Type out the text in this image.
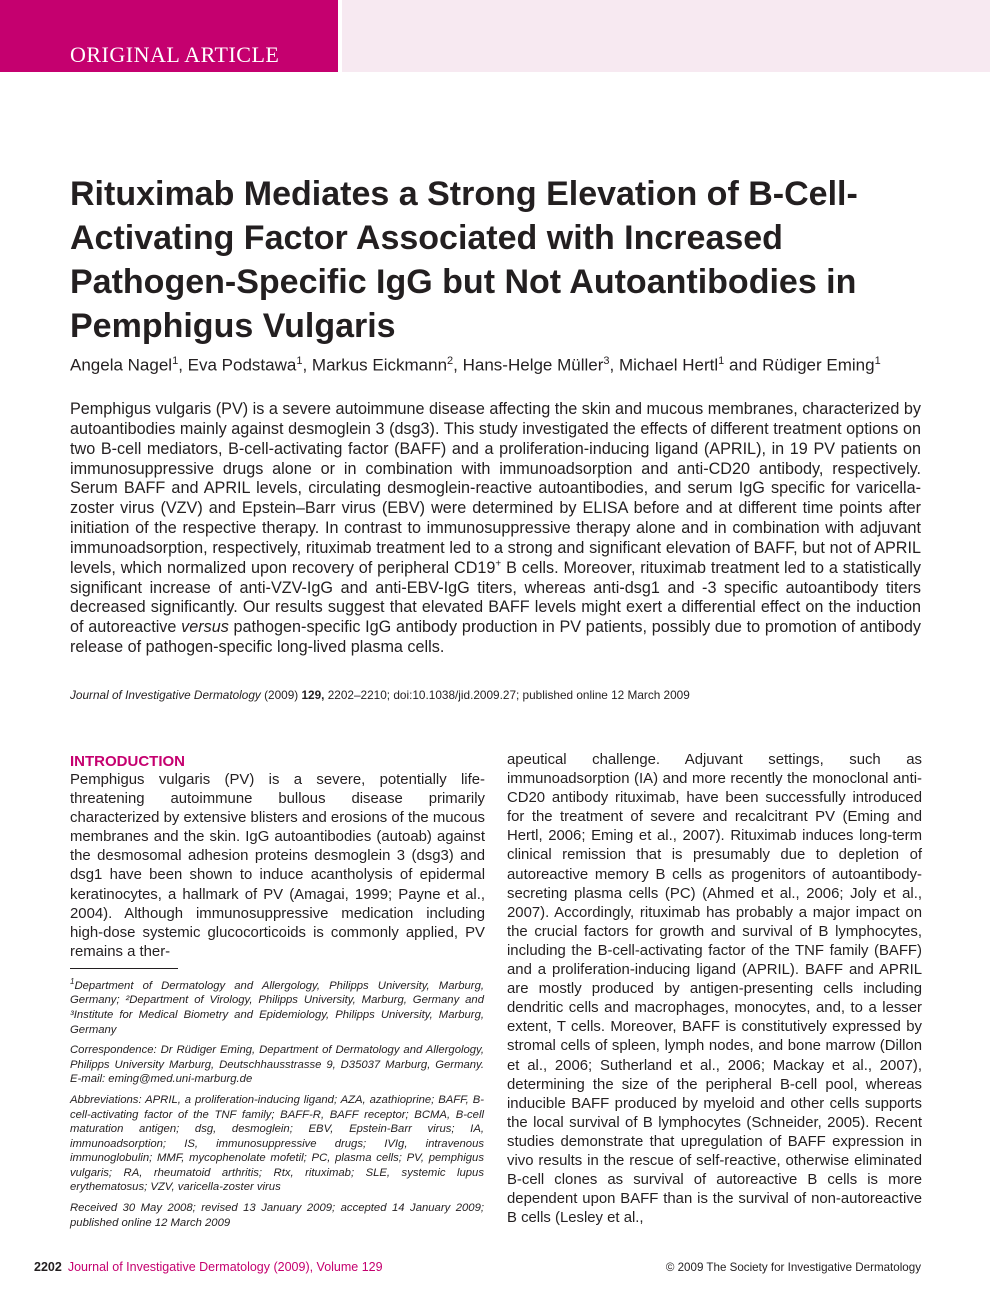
ORIGINAL ARTICLE
Rituximab Mediates a Strong Elevation of B-Cell-Activating Factor Associated with Increased Pathogen-Specific IgG but Not Autoantibodies in Pemphigus Vulgaris
Angela Nagel$^1$, Eva Podstawa$^1$, Markus Eickmann$^2$, Hans-Helge Müller$^3$, Michael Hertl$^1$ and Rüdiger Eming$^1$
Pemphigus vulgaris (PV) is a severe autoimmune disease affecting the skin and mucous membranes, characterized by autoantibodies mainly against desmoglein 3 (dsg3). This study investigated the effects of different treatment options on two B-cell mediators, B-cell-activating factor (BAFF) and a proliferation-inducing ligand (APRIL), in 19 PV patients on immunosuppressive drugs alone or in combination with immunoadsorption and anti-CD20 antibody, respectively. Serum BAFF and APRIL levels, circulating desmoglein-reactive autoantibodies, and serum IgG specific for varicella-zoster virus (VZV) and Epstein–Barr virus (EBV) were determined by ELISA before and at different time points after initiation of the respective therapy. In contrast to immunosuppressive therapy alone and in combination with adjuvant immunoadsorption, respectively, rituximab treatment led to a strong and significant elevation of BAFF, but not of APRIL levels, which normalized upon recovery of peripheral CD19+ B cells. Moreover, rituximab treatment led to a statistically significant increase of anti-VZV-IgG and anti-EBV-IgG titers, whereas anti-dsg1 and -3 specific autoantibody titers decreased significantly. Our results suggest that elevated BAFF levels might exert a differential effect on the induction of autoreactive versus pathogen-specific IgG antibody production in PV patients, possibly due to promotion of antibody release of pathogen-specific long-lived plasma cells.
Journal of Investigative Dermatology (2009) 129, 2202–2210; doi:10.1038/jid.2009.27; published online 12 March 2009
INTRODUCTION

Pemphigus vulgaris (PV) is a severe, potentially life-threatening autoimmune bullous disease primarily characterized by extensive blisters and erosions of the mucous membranes and the skin. IgG autoantibodies (autoab) against the desmosomal adhesion proteins desmoglein 3 (dsg3) and dsg1 have been shown to induce acantholysis of epidermal keratinocytes, a hallmark of PV (Amagai, 1999; Payne et al., 2004). Although immunosuppressive medication including high-dose systemic glucocorticoids is commonly applied, PV remains a ther-

$^1$Department of Dermatology and Allergology, Philipps University, Marburg, Germany; ²Department of Virology, Philipps University, Marburg, Germany and ³Institute for Medical Biometry and Epidemiology, Philipps University, Marburg, Germany

Correspondence: Dr Rüdiger Eming, Department of Dermatology and Allergology, Philipps University Marburg, Deutschhausstrasse 9, D35037 Marburg, Germany. E-mail: eming@med.uni-marburg.de

Abbreviations: APRIL, a proliferation-inducing ligand; AZA, azathioprine; BAFF, B-cell-activating factor of the TNF family; BAFF-R, BAFF receptor; BCMA, B-cell maturation antigen; dsg, desmoglein; EBV, Epstein-Barr virus; IA, immunoadsorption; IS, immunosuppressive drugs; IVIg, intravenous immunoglobulin; MMF, mycophenolate mofetil; PC, plasma cells; PV, pemphigus vulgaris; RA, rheumatoid arthritis; Rtx, rituximab; SLE, systemic lupus erythematosus; VZV, varicella-zoster virus

Received 30 May 2008; revised 13 January 2009; accepted 14 January 2009; published online 12 March 2009

apeutical challenge. Adjuvant settings, such as immunoadsorption (IA) and more recently the monoclonal anti-CD20 antibody rituximab, have been successfully introduced for the treatment of severe and recalcitrant PV (Eming and Hertl, 2006; Eming et al., 2007). Rituximab induces long-term clinical remission that is presumably due to depletion of autoreactive memory B cells as progenitors of autoantibody-secreting plasma cells (PC) (Ahmed et al., 2006; Joly et al., 2007). Accordingly, rituximab has probably a major impact on the crucial factors for growth and survival of B lymphocytes, including the B-cell-activating factor of the TNF family (BAFF) and a proliferation-inducing ligand (APRIL). BAFF and APRIL are mostly produced by antigen-presenting cells including dendritic cells and macrophages, monocytes, and, to a lesser extent, T cells. Moreover, BAFF is constitutively expressed by stromal cells of spleen, lymph nodes, and bone marrow (Dillon et al., 2006; Sutherland et al., 2006; Mackay et al., 2007), determining the size of the peripheral B-cell pool, whereas inducible BAFF produced by myeloid and other cells supports the local survival of B lymphocytes (Schneider, 2005). Recent studies demonstrate that upregulation of BAFF expression in vivo results in the rescue of self-reactive, otherwise eliminated B-cell clones as survival of autoreactive B cells is more dependent upon BAFF than is the survival of non-autoreactive B cells (Lesley et al.,

2202 Journal of Investigative Dermatology (2009), Volume 129	© 2009 The Society for Investigative Dermatology
